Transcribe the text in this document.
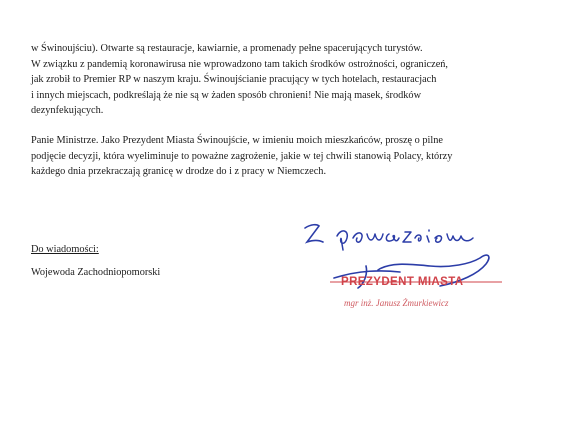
w Świnoujściu). Otwarte są restauracje, kawiarnie, a promenady pełne spacerujących turystów.
W związku z pandemią koronawirusa nie wprowadzono tam takich środków ostrożności, ograniczeń,
jak zrobił to Premier RP w naszym kraju. Świnoujścianie pracujący w tych hotelach, restauracjach
i innych miejscach, podkreślają że nie są w żaden sposób chronieni! Nie mają masek, środków
dezynfekujących.
Panie Ministrze. Jako Prezydent Miasta Świnoujście, w imieniu moich mieszkańców, proszę o pilne
podjęcie decyzji, która wyeliminuje to poważne zagrożenie, jakie w tej chwili stanowią Polacy, którzy
każdego dnia przekraczają granicę w drodze do i z pracy w Niemczech.

Do wiadomości:

Wojewoda Zachodniopomorski

PREZYDENT MIASTA
mgr inż. Janusz Żmurkiewicz
